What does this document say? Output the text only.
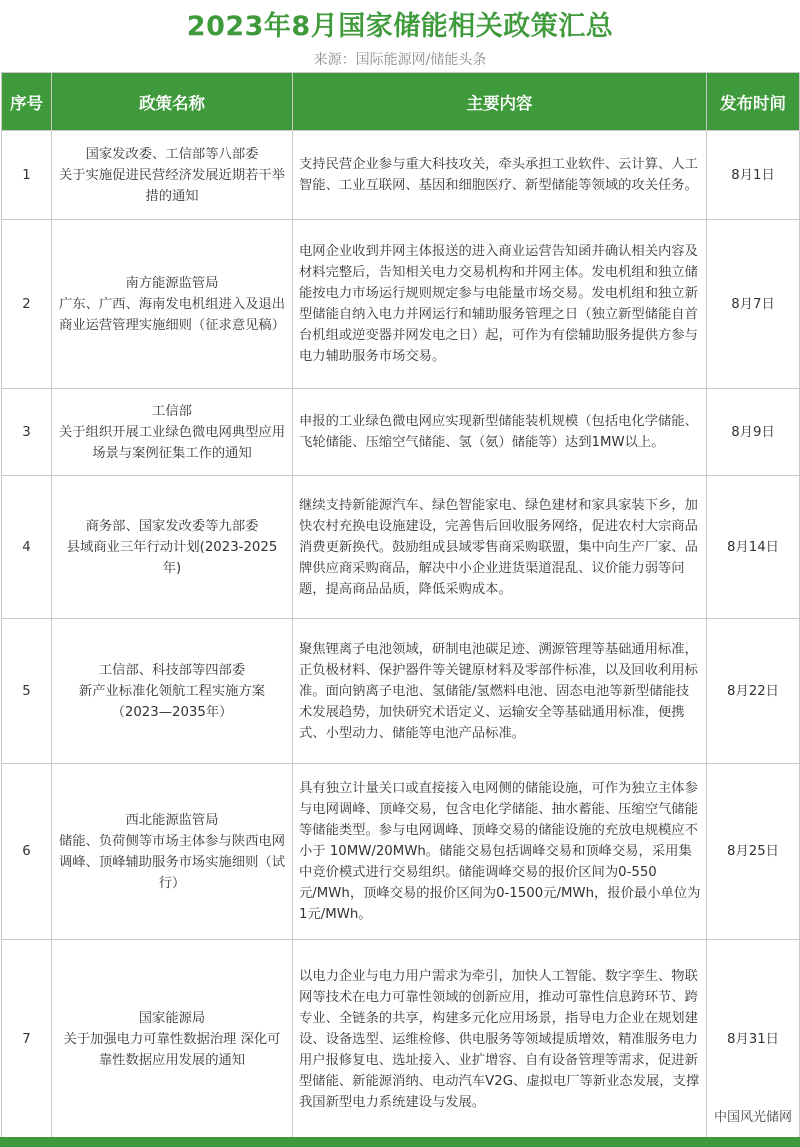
2023年8月国家储能相关政策汇总
来源：国际能源网/储能头条
序号	政策名称	主要内容	发布时间
1	国家发改委、工信部等八部委
关于实施促进民营经济发展近期若干举措的通知	支持民营企业参与重大科技攻关，牵头承担工业软件、云计算、人工智能、工业互联网、基因和细胞医疗、新型储能等领域的攻关任务。	8月1日
2	南方能源监管局
广东、广西、海南发电机组进入及退出商业运营管理实施细则（征求意见稿）	电网企业收到并网主体报送的进入商业运营告知函并确认相关内容及材料完整后，告知相关电力交易机构和并网主体。发电机组和独立储能按电力市场运行规则规定参与电能量市场交易。发电机组和独立新型储能自纳入电力并网运行和辅助服务管理之日（独立新型储能自首台机组或逆变器并网发电之日）起，可作为有偿辅助服务提供方参与电力辅助服务市场交易。	8月7日
3	工信部
关于组织开展工业绿色微电网典型应用场景与案例征集工作的通知	申报的工业绿色微电网应实现新型储能装机规模（包括电化学储能、飞轮储能、压缩空气储能、氢（氨）储能等）达到1MW以上。	8月9日
4	商务部、国家发改委等九部委
县域商业三年行动计划(2023-2025年)	继续支持新能源汽车、绿色智能家电、绿色建材和家具家装下乡，加快农村充换电设施建设，完善售后回收服务网络，促进农村大宗商品消费更新换代。鼓励组成县域零售商采购联盟，集中向生产厂家、品牌供应商采购商品，解决中小企业进货渠道混乱、议价能力弱等问题，提高商品品质，降低采购成本。	8月14日
5	工信部、科技部等四部委
新产业标准化领航工程实施方案（2023—2035年）	聚焦锂离子电池领域，研制电池碳足迹、溯源管理等基础通用标准，正负极材料、保护器件等关键原材料及零部件标准，以及回收利用标准。面向钠离子电池、氢储能/氢燃料电池、固态电池等新型储能技术发展趋势，加快研究术语定义、运输安全等基础通用标准，便携式、小型动力、储能等电池产品标准。	8月22日
6	西北能源监管局
储能、负荷侧等市场主体参与陕西电网调峰、顶峰辅助服务市场实施细则（试行）	具有独立计量关口或直接接入电网侧的储能设施，可作为独立主体参与电网调峰、顶峰交易，包含电化学储能、抽水蓄能、压缩空气储能等储能类型。参与电网调峰、顶峰交易的储能设施的充放电规模应不小于 10MW/20MWh。储能交易包括调峰交易和顶峰交易，采用集中竞价模式进行交易组织。储能调峰交易的报价区间为0-550元/MWh，顶峰交易的报价区间为0-1500元/MWh，报价最小单位为1元/MWh。	8月25日
7	国家能源局
关于加强电力可靠性数据治理 深化可靠性数据应用发展的通知	以电力企业与电力用户需求为牵引，加快人工智能、数字孪生、物联网等技术在电力可靠性领域的创新应用，推动可靠性信息跨环节、跨专业、全链条的共享，构建多元化应用场景，指导电力企业在规划建设、设备选型、运维检修、供电服务等领域提质增效，精准服务电力用户报修复电、选址接入、业扩增容、自有设备管理等需求，促进新型储能、新能源消纳、电动汽车V2G、虚拟电厂等新业态发展，支撑我国新型电力系统建设与发展。	8月31日
中国风光储网
